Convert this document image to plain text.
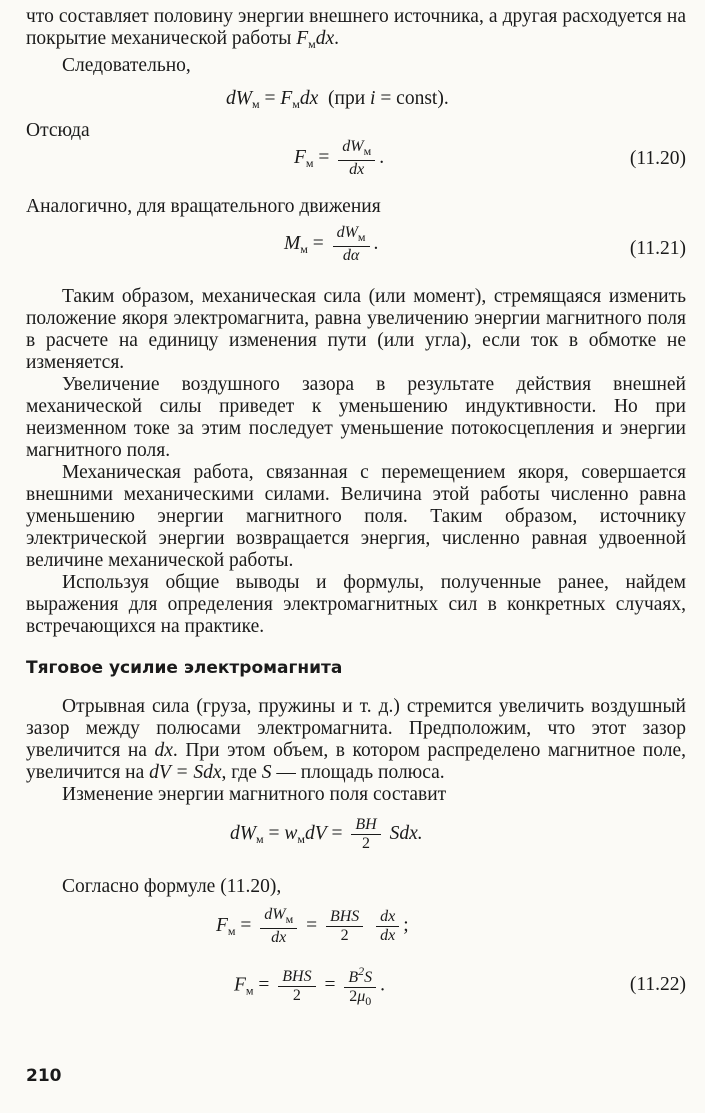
что составляет половину энергии внешнего источника, а другая расходуется на покрытие механической работы $F_мdx$.

Следовательно,

$dW_м = F_мdx$ (при i = const).

Отсюда

$F_м = \frac{dW_м}{dx}$ .	(11.20)

Аналогично, для вращательного движения

$M_м = \frac{dW_м}{d\alpha}$ .	(11.21)

Таким образом, механическая сила (или момент), стремящаяся изменить положение якоря электромагнита, равна увеличению энергии магнитного поля в расчете на единицу изменения пути (или угла), если ток в обмотке не изменяется.

Увеличение воздушного зазора в результате действия внешней механической силы приведет к уменьшению индуктивности. Но при неизменном токе за этим последует уменьшение потокосцепления и энергии магнитного поля.

Механическая работа, связанная с перемещением якоря, совершается внешними механическими силами. Величина этой работы численно равна уменьшению энергии магнитного поля. Таким образом, источнику электрической энергии возвращается энергия, численно равная удвоенной величине механической работы.

Используя общие выводы и формулы, полученные ранее, найдем выражения для определения электромагнитных сил в конкретных случаях, встречающихся на практике.

Тяговое усилие электромагнита

Отрывная сила (груза, пружины и т. д.) стремится увеличить воздушный зазор между полюсами электромагнита. Предположим, что этот зазор увеличится на dx. При этом объем, в котором распределено магнитное поле, увеличится на dV = Sdx, где S — площадь полюса.

Изменение энергии магнитного поля составит

$dW_м = w_мdV = \frac{BH}{2}$ Sdx.

Согласно формуле (11.20),

$F_м = \frac{dW_м}{dx} = \frac{\text{BHS}}{2}$
$\frac{dx}{dx}$ ;
$F_м = \frac{\text{BHS}}{2} = \frac{B^2S}{2\mu_0}$ .	(11.22)
210
